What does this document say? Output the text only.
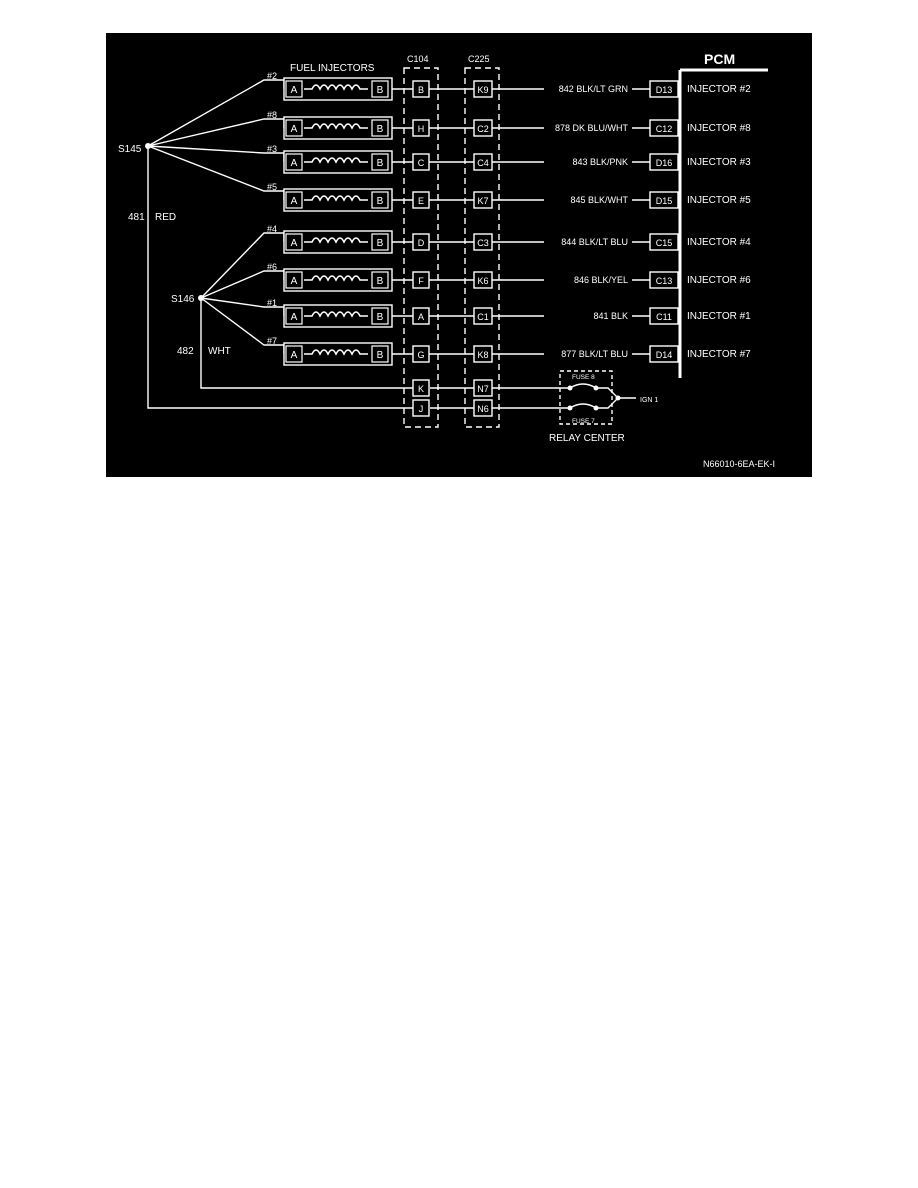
FUEL INJECTORS
C104	C225	PCM
S145
S146
481 RED
482 WHT
FUSE 8
FUSE 7
IGN 1
RELAY CENTER
N66010-6EA-EK-I
A	B
#2
B	K9	842 BLK/LT GRN	D13 INJECTOR #2
A	B
#8
H	C2	878 DK BLU/WHT	C12 INJECTOR #8
A	B
#3
C	C4	843 BLK/PNK	D16 INJECTOR #3
A	B
#5
E	K7	845 BLK/WHT	D15 INJECTOR #5
A	B
#4
D	C3	844 BLK/LT BLU	C15 INJECTOR #4
A	B
#6
F	K6	846 BLK/YEL	C13 INJECTOR #6
A	B
#1
A	C1	841 BLK	C11 INJECTOR #1
A	B
#7
G	K8	877 BLK/LT BLU	D14 INJECTOR #7
K	N7
J	N6
